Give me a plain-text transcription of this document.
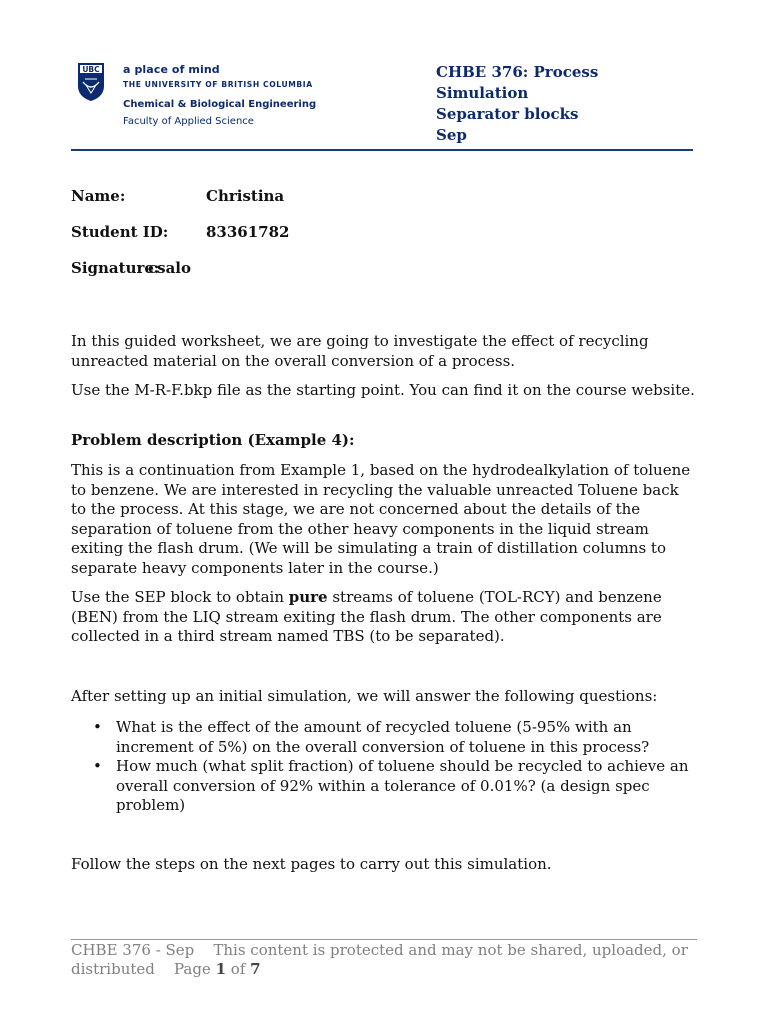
UBC a place of mind
THE UNIVERSITY OF BRITISH COLUMBIA
Chemical & Biological Engineering
Faculty of Applied Science
CHBE 376: Process
Simulation
Separator blocks
Sep
Name:	Christina
Student ID:	83361782
Signature:
csalo
In this guided worksheet, we are going to investigate the effect of recycling unreacted material on the overall conversion of a process.
Use the M-R-F.bkp file as the starting point. You can find it on the course website.
Problem description (Example 4):
This is a continuation from Example 1, based on the hydrodealkylation of toluene to benzene. We are interested in recycling the valuable unreacted Toluene back to the process. At this stage, we are not concerned about the details of the separation of toluene from the other heavy components in the liquid stream exiting the flash drum. (We will be simulating a train of distillation columns to separate heavy components later in the course.)
Use the SEP block to obtain pure streams of toluene (TOL-RCY) and benzene (BEN) from the LIQ stream exiting the flash drum. The other components are collected in a third stream named TBS (to be separated).
After setting up an initial simulation, we will answer the following questions:
• What is the effect of the amount of recycled toluene (5-95% with an increment of 5%) on the overall conversion of toluene in this process?
• How much (what split fraction) of toluene should be recycled to achieve an overall conversion of 92% within a tolerance of 0.01%? (a design spec problem)
Follow the steps on the next pages to carry out this simulation.
CHBE 376 - Sep This content is protected and may not be shared, uploaded, or distributed Page 1 of 7
